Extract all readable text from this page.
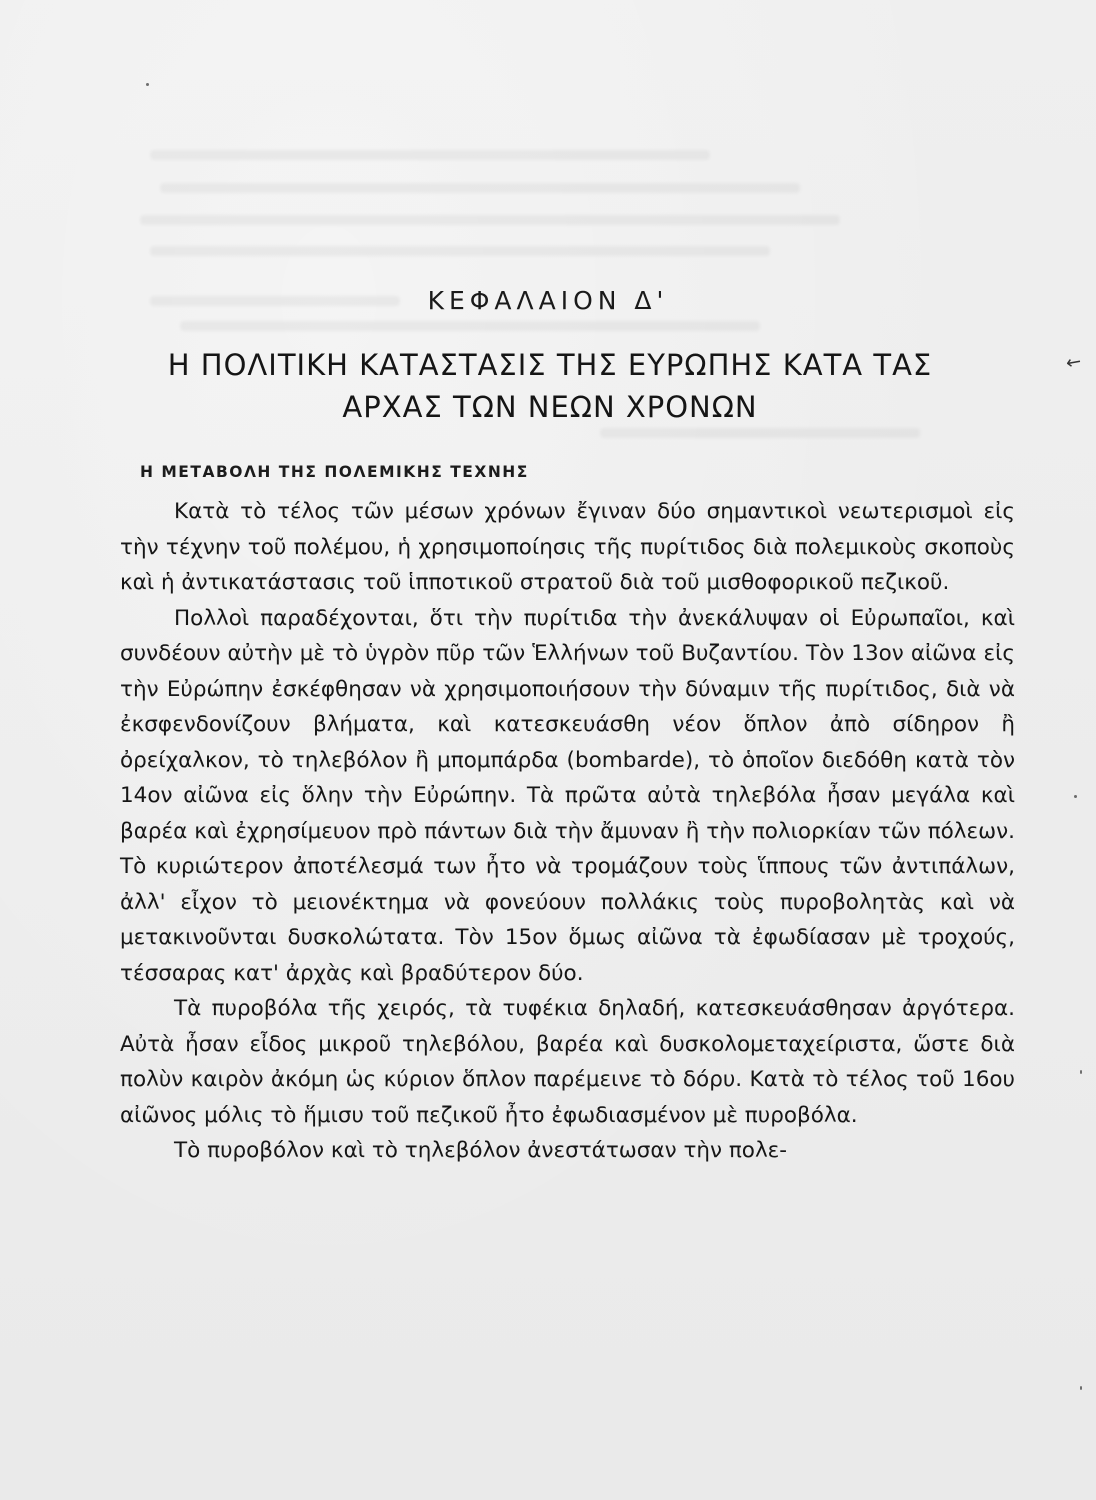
←
ΚΕΦΑΛΑΙΟΝ Δ'
Η ΠΟΛΙΤΙΚΗ ΚΑΤΑΣΤΑΣΙΣ ΤΗΣ ΕΥΡΩΠΗΣ ΚΑΤΑ ΤΑΣ
ΑΡΧΑΣ ΤΩΝ ΝΕΩΝ ΧΡΟΝΩΝ
Η ΜΕΤΑΒΟΛΗ ΤΗΣ ΠΟΛΕΜΙΚΗΣ ΤΕΧΝΗΣ

Κατὰ τὸ τέλος τῶν μέσων χρόνων ἔγιναν δύο σημαντικοὶ νεωτερισμοὶ εἰς τὴν τέχνην τοῦ πολέμου, ἡ χρησιμοποίησις τῆς πυρίτιδος διὰ πολεμικοὺς σκοποὺς καὶ ἡ ἀντικατάστασις τοῦ ἱπποτικοῦ στρατοῦ διὰ τοῦ μισθοφορικοῦ πεζικοῦ.

Πολλοὶ παραδέχονται, ὅτι τὴν πυρίτιδα τὴν ἀνεκάλυψαν οἱ Εὐρωπαῖοι, καὶ συνδέουν αὐτὴν μὲ τὸ ὑγρὸν πῦρ τῶν Ἑλλήνων τοῦ Βυζαντίου. Τὸν 13ον αἰῶνα εἰς τὴν Εὐρώπην ἐσκέφθησαν νὰ χρησιμοποιήσουν τὴν δύναμιν τῆς πυρίτιδος, διὰ νὰ ἐκσφενδονίζουν βλήματα, καὶ κατεσκευάσθη νέον ὅπλον ἀπὸ σίδηρον ἢ ὀρείχαλκον, τὸ τηλεβόλον ἢ μπομπάρδα (bombarde), τὸ ὁποῖον διεδόθη κατὰ τὸν 14ον αἰῶνα εἰς ὅλην τὴν Εὐρώπην. Τὰ πρῶτα αὐτὰ τηλεβόλα ἦσαν μεγάλα καὶ βαρέα καὶ ἐχρησίμευον πρὸ πάντων διὰ τὴν ἄμυναν ἢ τὴν πολιορκίαν τῶν πόλεων. Τὸ κυριώτερον ἀποτέλεσμά των ἦτο νὰ τρομάζουν τοὺς ἵππους τῶν ἀντιπάλων, ἀλλ' εἶχον τὸ μειονέκτημα νὰ φονεύουν πολλάκις τοὺς πυροβολητὰς καὶ νὰ μετακινοῦνται δυσκολώτατα. Τὸν 15ον ὅμως αἰῶνα τὰ ἐφωδίασαν μὲ τροχούς, τέσσαρας κατ' ἀρχὰς καὶ βραδύτερον δύο.

Τὰ πυροβόλα τῆς χειρός, τὰ τυφέκια δηλαδή, κατεσκευάσθησαν ἀργότερα. Αὐτὰ ἦσαν εἶδος μικροῦ τηλεβόλου, βαρέα καὶ δυσκολομεταχείριστα, ὥστε διὰ πολὺν καιρὸν ἀκόμη ὡς κύριον ὅπλον παρέμεινε τὸ δόρυ. Κατὰ τὸ τέλος τοῦ 16ου αἰῶνος μόλις τὸ ἥμισυ τοῦ πεζικοῦ ἦτο ἐφωδιασμένον μὲ πυροβόλα.

Τὸ πυροβόλον καὶ τὸ τηλεβόλον ἀνεστάτωσαν τὴν πολε-
